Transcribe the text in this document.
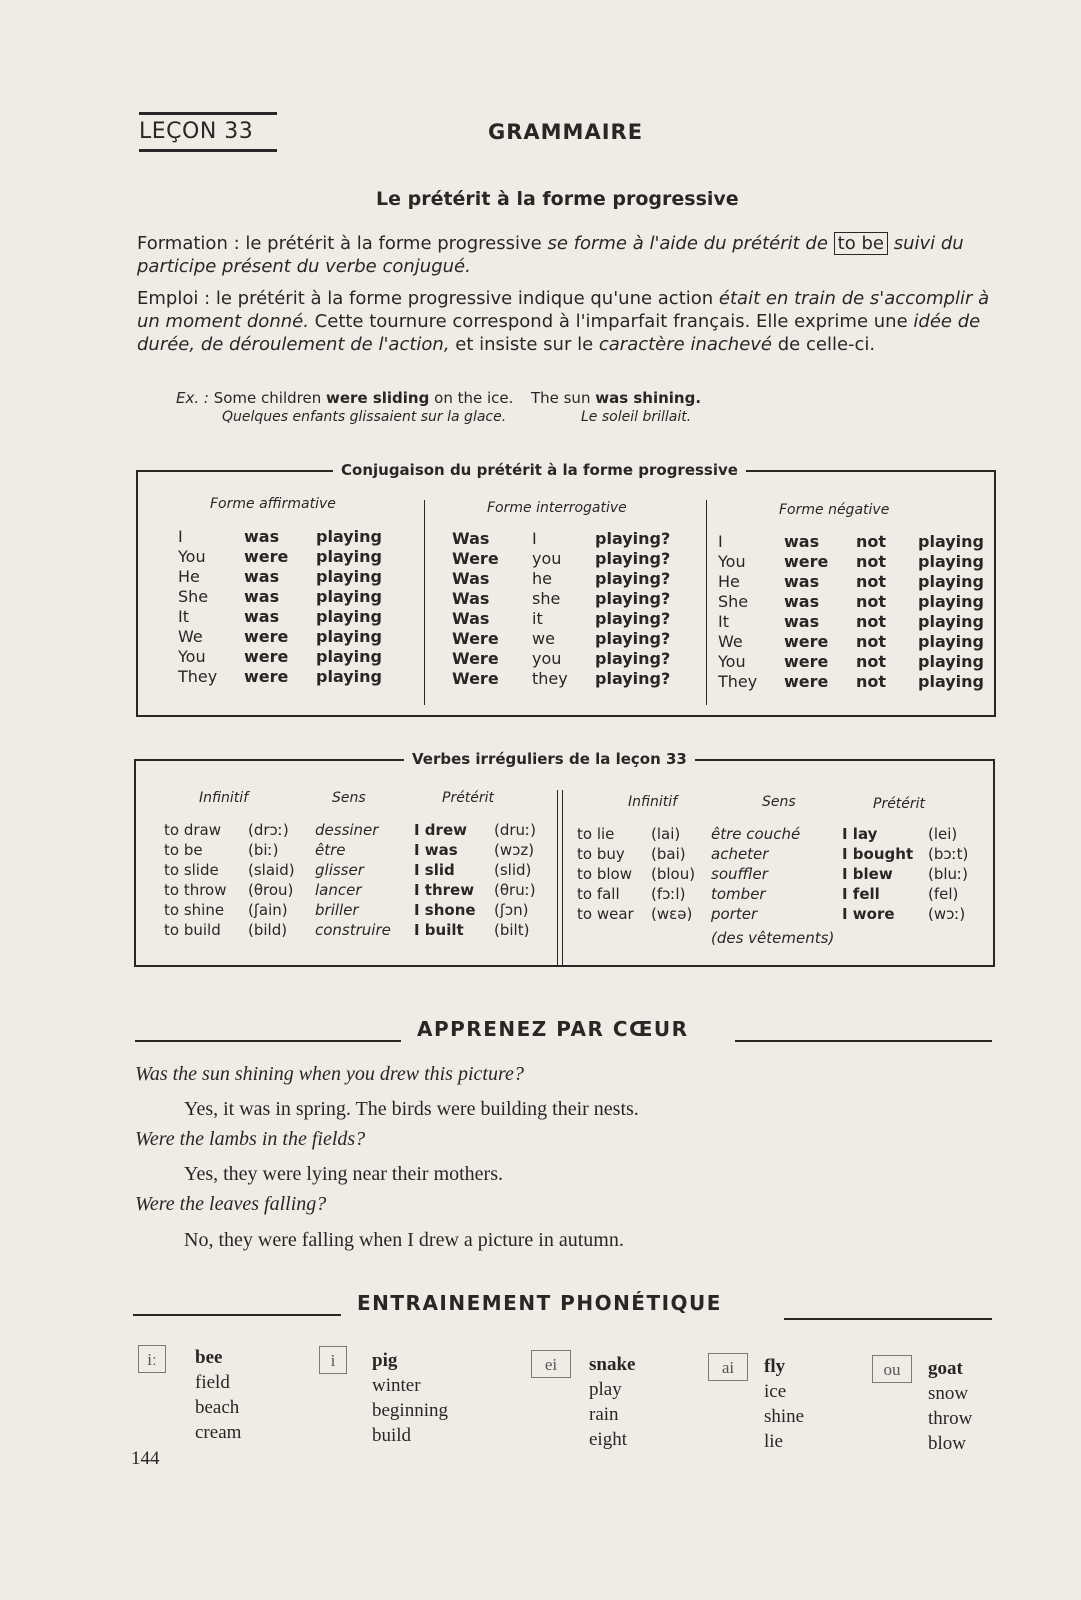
LEÇON 33	GRAMMAIRE
Le prétérit à la forme progressive
Formation : le prétérit à la forme progressive se forme à l'aide du prétérit de to be suivi du participe présent du verbe conjugué.
Emploi : le prétérit à la forme progressive indique qu'une action était en train de s'accomplir à un moment donné. Cette tournure correspond à l'imparfait français. Elle exprime une idée de durée, de déroulement de l'action, et insiste sur le caractère inachevé de celle-ci.
Ex. : Some children were sliding on the ice. The sun was shining.
Quelques enfants glissaient sur la glace.	Le soleil brillait.
Conjugaison du prétérit à la forme progressive
Forme affirmative	Forme interrogative	Forme négative
I	was	playing
You	were	playing
He	was	playing
She	was	playing
It	was	playing
We	were	playing
You	were	playing
They	were	playing
Was	I	playing?
Were	you	playing?
Was	he	playing?
Was	she	playing?
Was	it	playing?
Were	we	playing?
Were	you	playing?
Were	they	playing?
I	was	not	playing
You	were	not	playing
He	was	not	playing
She	was	not	playing
It	was	not	playing
We	were	not	playing
You	were	not	playing
They	were	not	playing
Verbes irréguliers de la leçon 33
Infinitif	Sens	Prétérit	Infinitif	Sens	Prétérit
to draw	(drɔː)	dessiner	I drew	(druː)
to be	(biː)	être	I was	(wɔz)
to slide	(slaid)	glisser	I slid	(slid)
to throw	(θrou)	lancer	I threw	(θruː)
to shine	(ʃain)	briller	I shone	(ʃɔn)
to build	(bild)	construire	I built	(bilt)
to lie	(lai)	être couché	I lay	(lei)
to buy	(bai)	acheter	I bought	(bɔːt)
to blow	(blou)	souffler	I blew	(bluː)
to fall	(fɔːl)	tomber	I fell	(fel)
to wear	(wɛə)	porter	I wore	(wɔː)
(des vêtements)
APPRENEZ PAR CŒUR
Was the sun shining when you drew this picture?
Yes, it was in spring. The birds were building their nests.
Were the lambs in the fields?
Yes, they were lying near their mothers.
Were the leaves falling?
No, they were falling when I drew a picture in autumn.
ENTRAINEMENT PHONÉTIQUE
iː	bee
field
beach
cream
i	pig
winter
beginning
build
ei	snake
play
rain
eight
ai	fly
ice
shine
lie
ou	goat
snow
throw
blow
144
